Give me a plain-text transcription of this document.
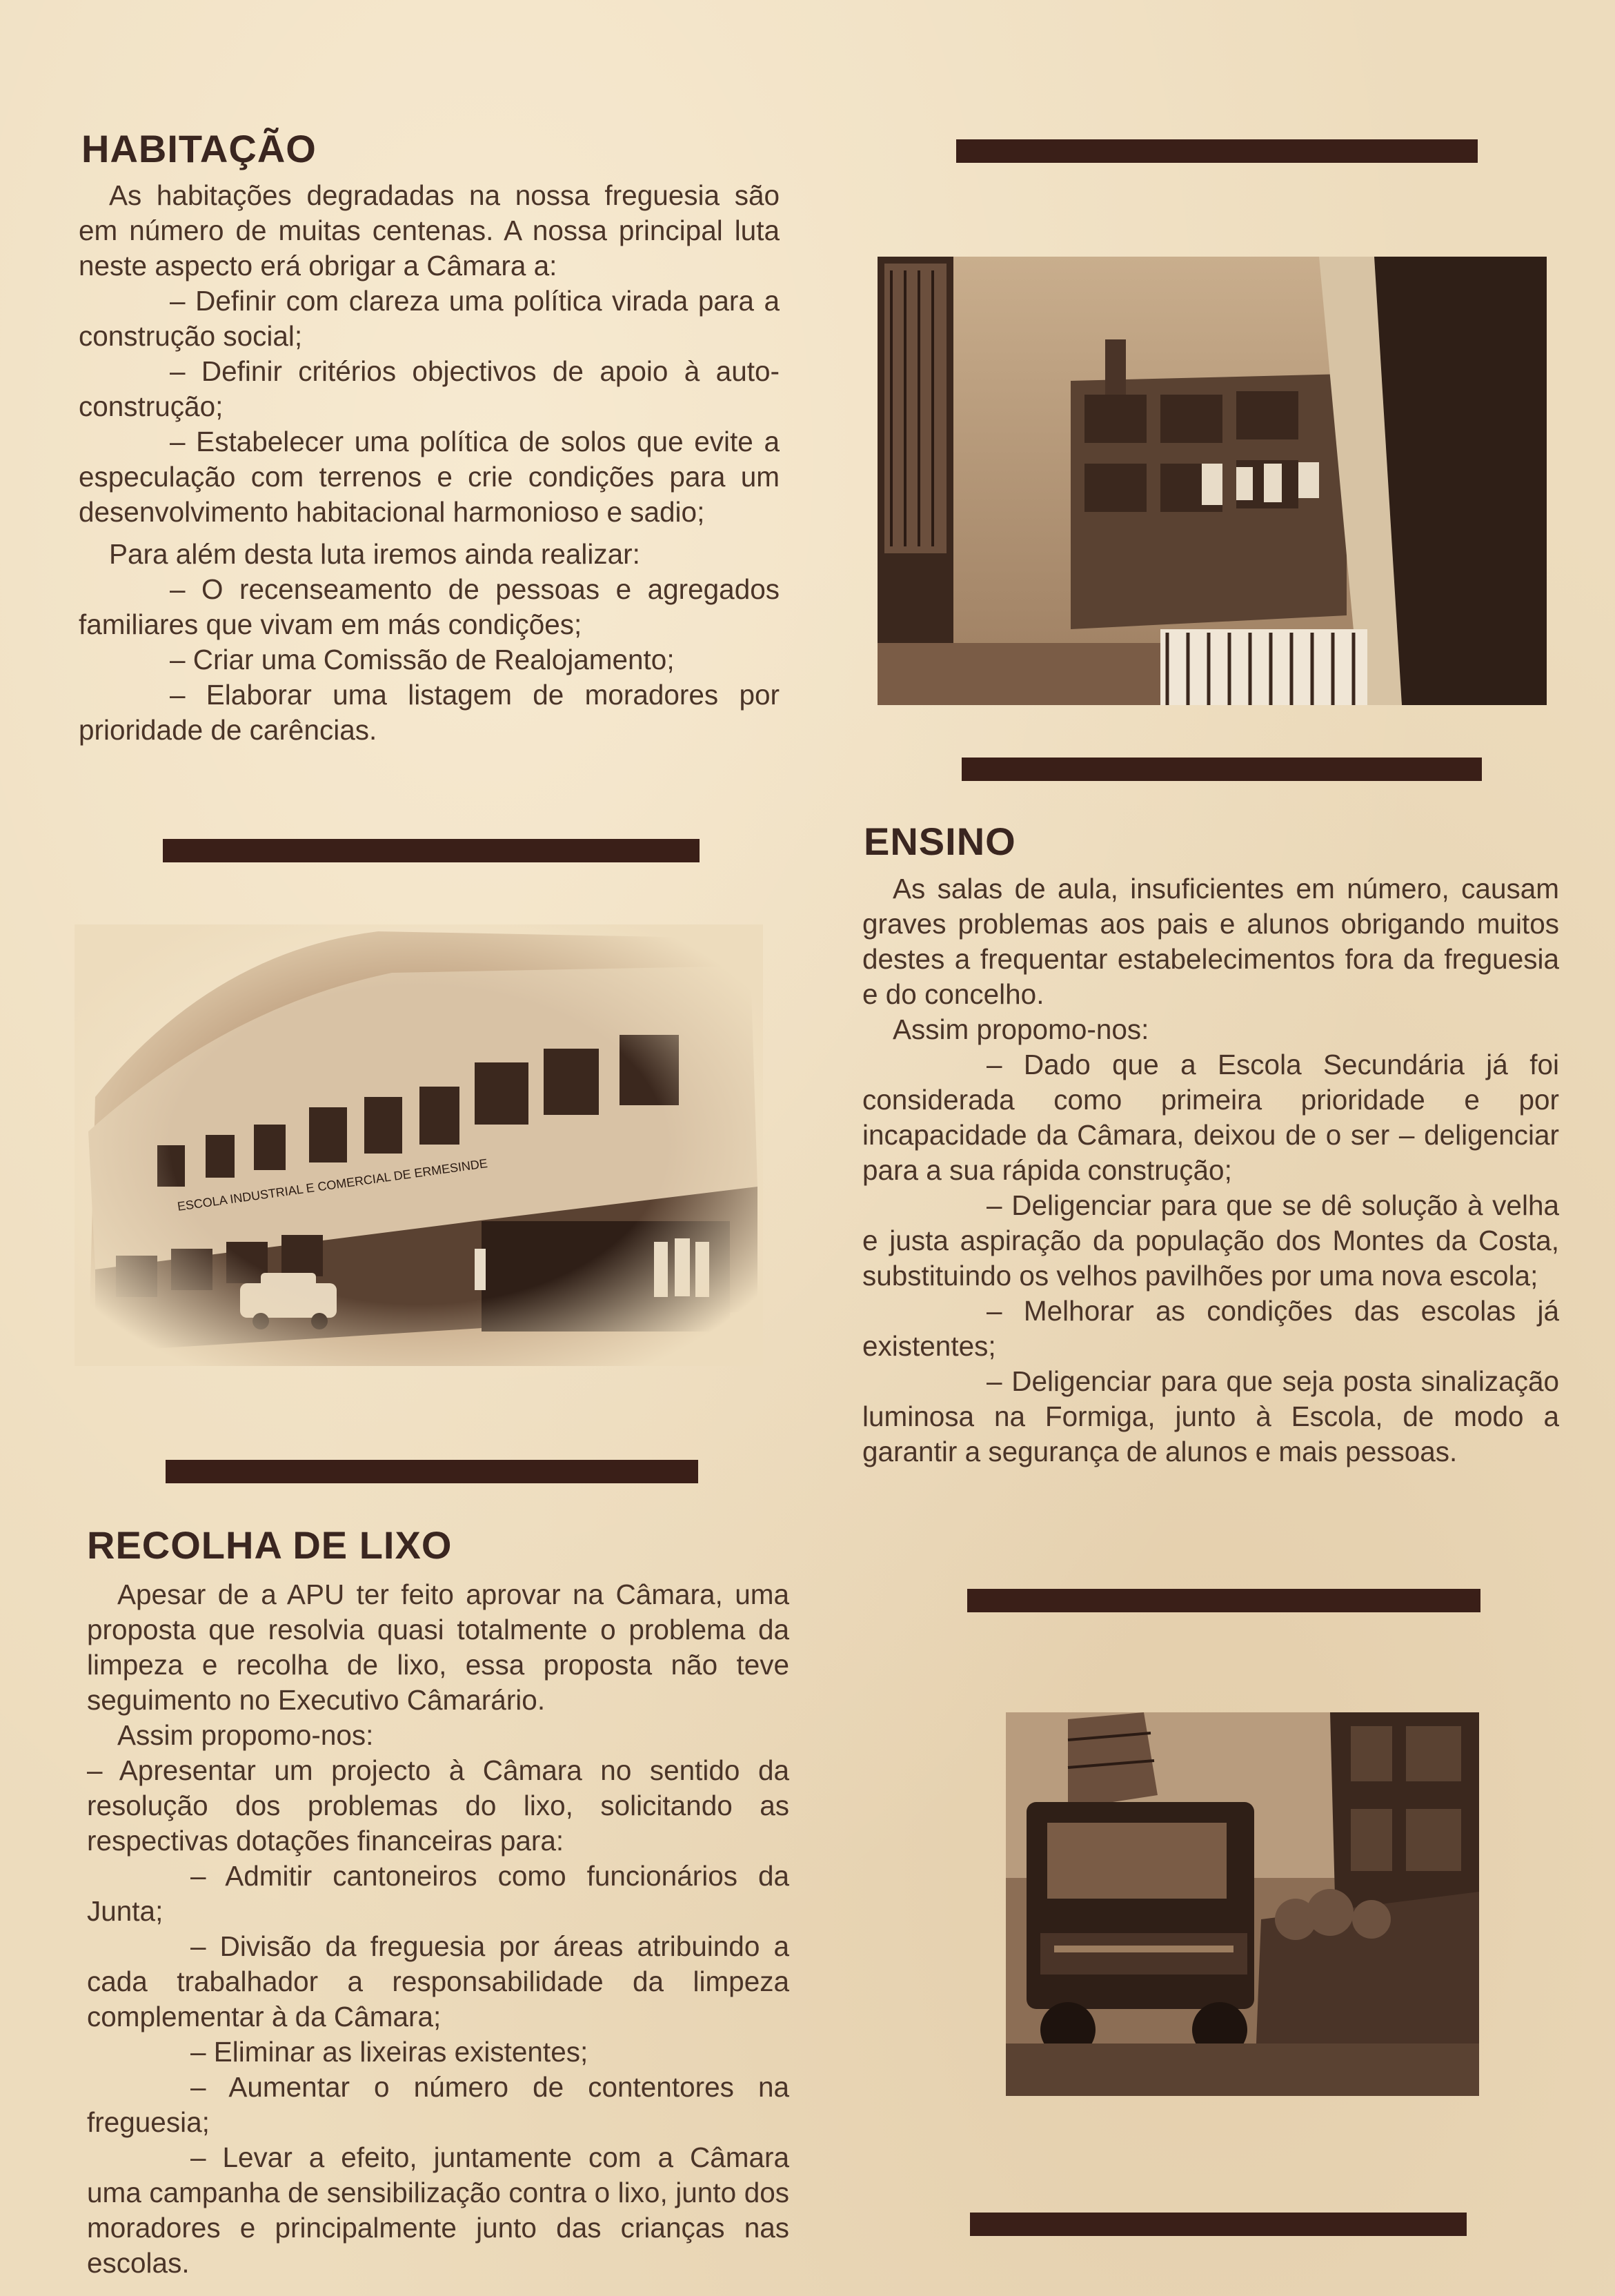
HABITAÇÃO

As habitações degradadas na nossa freguesia são em número de muitas centenas. A nossa principal luta neste aspecto erá obrigar a Câmara a:

– Definir com clareza uma política virada para a construção social;

– Definir critérios objectivos de apoio à auto-construção;

– Estabelecer uma política de solos que evite a especulação com terrenos e crie condições para um desenvolvimento habitacional harmonioso e sadio;

Para além desta luta iremos ainda realizar:

– O recenseamento de pessoas e agregados familiares que vivam em más condições;

– Criar uma Comissão de Realojamento;

– Elaborar uma listagem de moradores por prioridade de carências.

ENSINO

As salas de aula, insuficientes em número, causam graves problemas aos pais e alunos obrigando muitos destes a frequentar estabelecimentos fora da freguesia e do concelho.

Assim propomo-nos:

– Dado que a Escola Secundária já foi considerada como primeira prioridade e por incapacidade da Câmara, deixou de o ser – deligenciar para a sua rápida construção;

– Deligenciar para que se dê solução à velha e justa aspiração da população dos Montes da Costa, substituindo os velhos pavilhões por uma nova escola;

– Melhorar as condições das escolas já existentes;

– Deligenciar para que seja posta sinalização luminosa na Formiga, junto à Escola, de modo a garantir a segurança de alunos e mais pessoas.

RECOLHA DE LIXO

Apesar de a APU ter feito aprovar na Câmara, uma proposta que resolvia quasi totalmente o problema da limpeza e recolha de lixo, essa proposta não teve seguimento no Executivo Câmarário.

Assim propomo-nos:

– Apresentar um projecto à Câmara no sentido da resolução dos problemas do lixo, solicitando as respectivas dotações financeiras para:

– Admitir cantoneiros como funcionários da Junta;

– Divisão da freguesia por áreas atribuindo a cada trabalhador a responsabilidade da limpeza complementar à da Câmara;

– Eliminar as lixeiras existentes;

– Aumentar o número de contentores na freguesia;

– Levar a efeito, juntamente com a Câmara uma campanha de sensibilização contra o lixo, junto dos moradores e principalmente junto das crianças nas escolas.
